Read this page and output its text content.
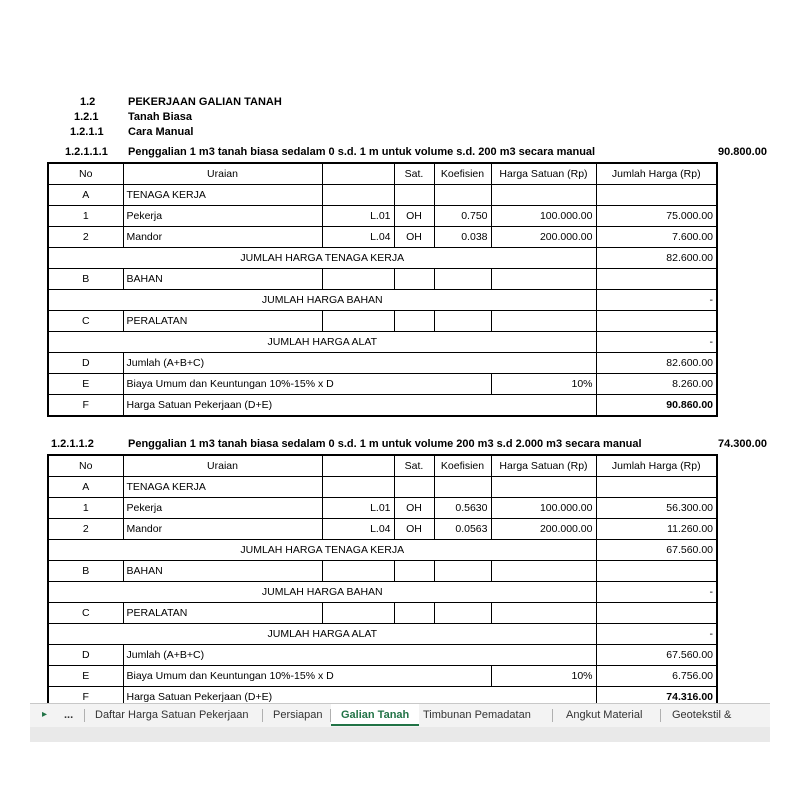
1.2	PEKERJAAN GALIAN TANAH
1.2.1	Tanah Biasa
1.2.1.1 Cara Manual
1.2.1.1.1 Penggalian 1 m3 tanah biasa sedalam 0 s.d. 1 m untuk volume s.d. 200 m3 secara manual	90.800.00
No	Uraian		Sat.	Koefisien	Harga Satuan (Rp)	Jumlah Harga (Rp)
A	TENAGA KERJA					
1	Pekerja	L.01	OH	0.750	100.000.00	75.000.00
2	Mandor	L.04	OH	0.038	200.000.00	7.600.00
JUMLAH HARGA TENAGA KERJA						82.600.00
B	BAHAN					
JUMLAH HARGA BAHAN						-
C	PERALATAN					
JUMLAH HARGA ALAT						-
D	Jumlah (A+B+C)					82.600.00
E	Biaya Umum dan Keuntungan 10%-15% x D				10%	8.260.00
F	Harga Satuan Pekerjaan (D+E)					90.860.00
1.2.1.1.2	Penggalian 1 m3 tanah biasa sedalam 0 s.d. 1 m untuk volume 200 m3 s.d 2.000 m3 secara manual	74.300.00
No	Uraian		Sat.	Koefisien	Harga Satuan (Rp)	Jumlah Harga (Rp)
A	TENAGA KERJA					
1	Pekerja	L.01	OH	0.5630	100.000.00	56.300.00
2	Mandor	L.04	OH	0.0563	200.000.00	11.260.00
JUMLAH HARGA TENAGA KERJA						67.560.00
B	BAHAN					
JUMLAH HARGA BAHAN						-
C	PERALATAN					
JUMLAH HARGA ALAT						-
D	Jumlah (A+B+C)					67.560.00
E	Biaya Umum dan Keuntungan 10%-15% x D				10%	6.756.00
F	Harga Satuan Pekerjaan (D+E)					74.316.00
▸	...	Daftar Harga Satuan Pekerjaan	Persiapan	Galian Tanah	Timbunan Pemadatan	Angkut Material	Geotekstil &
